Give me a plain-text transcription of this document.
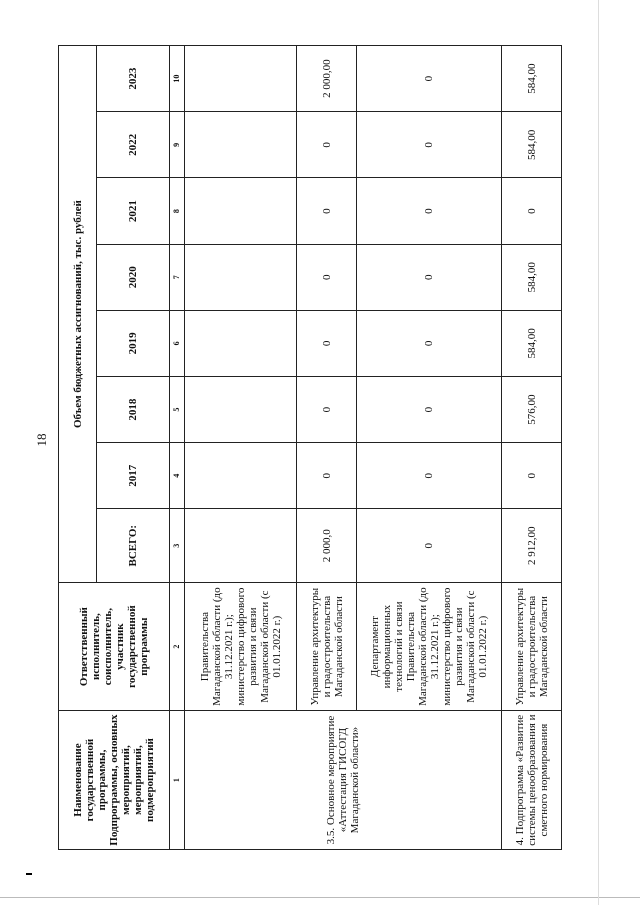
18
Наименование государственной программы, Подпрограммы, основных мероприятий, мероприятий, подмероприятий	Ответственный исполнитель, соисполнитель, участник государственной программы	Объем бюджетных ассигнований, тыс. рублей							
		ВСЕГО:	2017	2018	2019	2020	2021	2022	2023
1	2	3	4	5	6	7	8	9	10
3.5. Основное мероприятие «Аттестация ГИСОГД Магаданской области»	Правительства Магаданской области (до 31.12.2021 г.); министерство цифрового развития и связи Магаданской области (с 01.01.2022 г.)								
	Управление архитектуры и градостроительства Магаданской области	2 000,0	0	0	0	0	0	0	2 000,00
	Департамент информационных технологий и связи Правительства Магаданской области (до 31.12.2021 г.); министерство цифрового развития и связи Магаданской области (с 01.01.2022 г.)	0	0	0	0	0	0	0	0
4. Подпрограмма «Развитие системы ценообразования и сметного нормирования	Управление архитектуры и градостроительства Магаданской области	2 912,00	0	576,00	584,00	584,00	0	584,00	584,00
